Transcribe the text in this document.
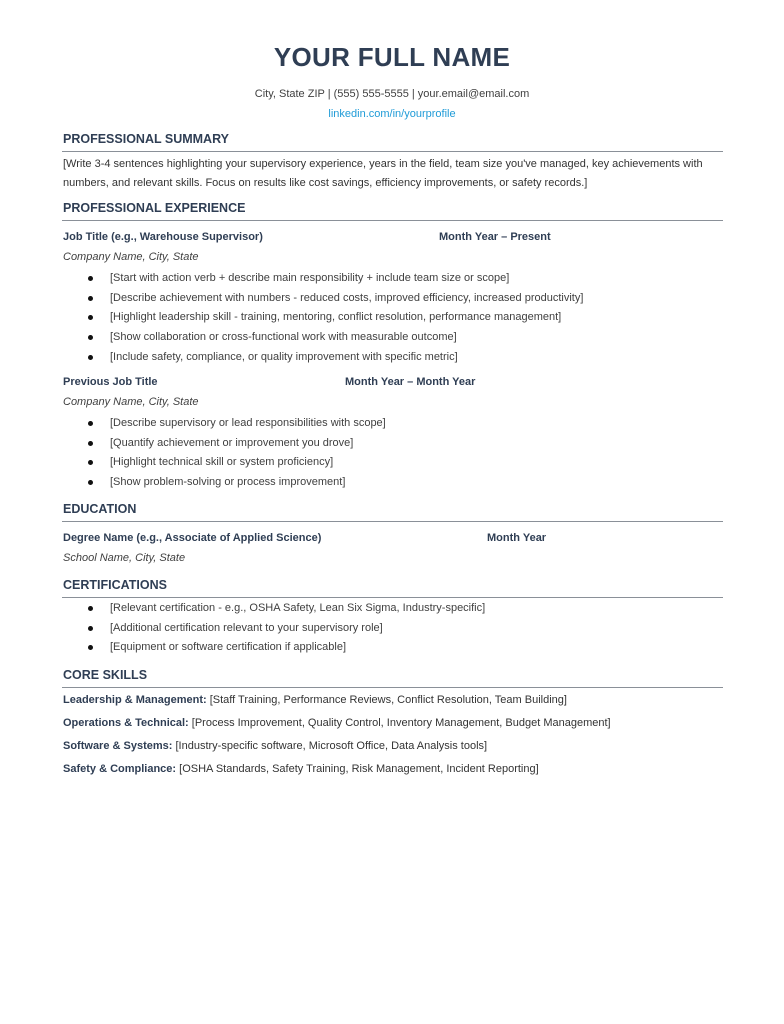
YOUR FULL NAME
City, State ZIP | (555) 555-5555 | your.email@email.com
linkedin.com/in/yourprofile
PROFESSIONAL SUMMARY
[Write 3-4 sentences highlighting your supervisory experience, years in the field, team size you've managed, key achievements with numbers, and relevant skills. Focus on results like cost savings, efficiency improvements, or safety records.]
PROFESSIONAL EXPERIENCE
Job Title (e.g., Warehouse Supervisor)	Month Year – Present
Company Name, City, State
[Start with action verb + describe main responsibility + include team size or scope]
[Describe achievement with numbers - reduced costs, improved efficiency, increased productivity]
[Highlight leadership skill - training, mentoring, conflict resolution, performance management]
[Show collaboration or cross-functional work with measurable outcome]
[Include safety, compliance, or quality improvement with specific metric]
Previous Job Title	Month Year – Month Year
Company Name, City, State
[Describe supervisory or lead responsibilities with scope]
[Quantify achievement or improvement you drove]
[Highlight technical skill or system proficiency]
[Show problem-solving or process improvement]
EDUCATION
Degree Name (e.g., Associate of Applied Science)	Month Year
School Name, City, State
CERTIFICATIONS
[Relevant certification - e.g., OSHA Safety, Lean Six Sigma, Industry-specific]
[Additional certification relevant to your supervisory role]
[Equipment or software certification if applicable]
CORE SKILLS
Leadership & Management: [Staff Training, Performance Reviews, Conflict Resolution, Team Building]
Operations & Technical: [Process Improvement, Quality Control, Inventory Management, Budget Management]
Software & Systems: [Industry-specific software, Microsoft Office, Data Analysis tools]
Safety & Compliance: [OSHA Standards, Safety Training, Risk Management, Incident Reporting]
